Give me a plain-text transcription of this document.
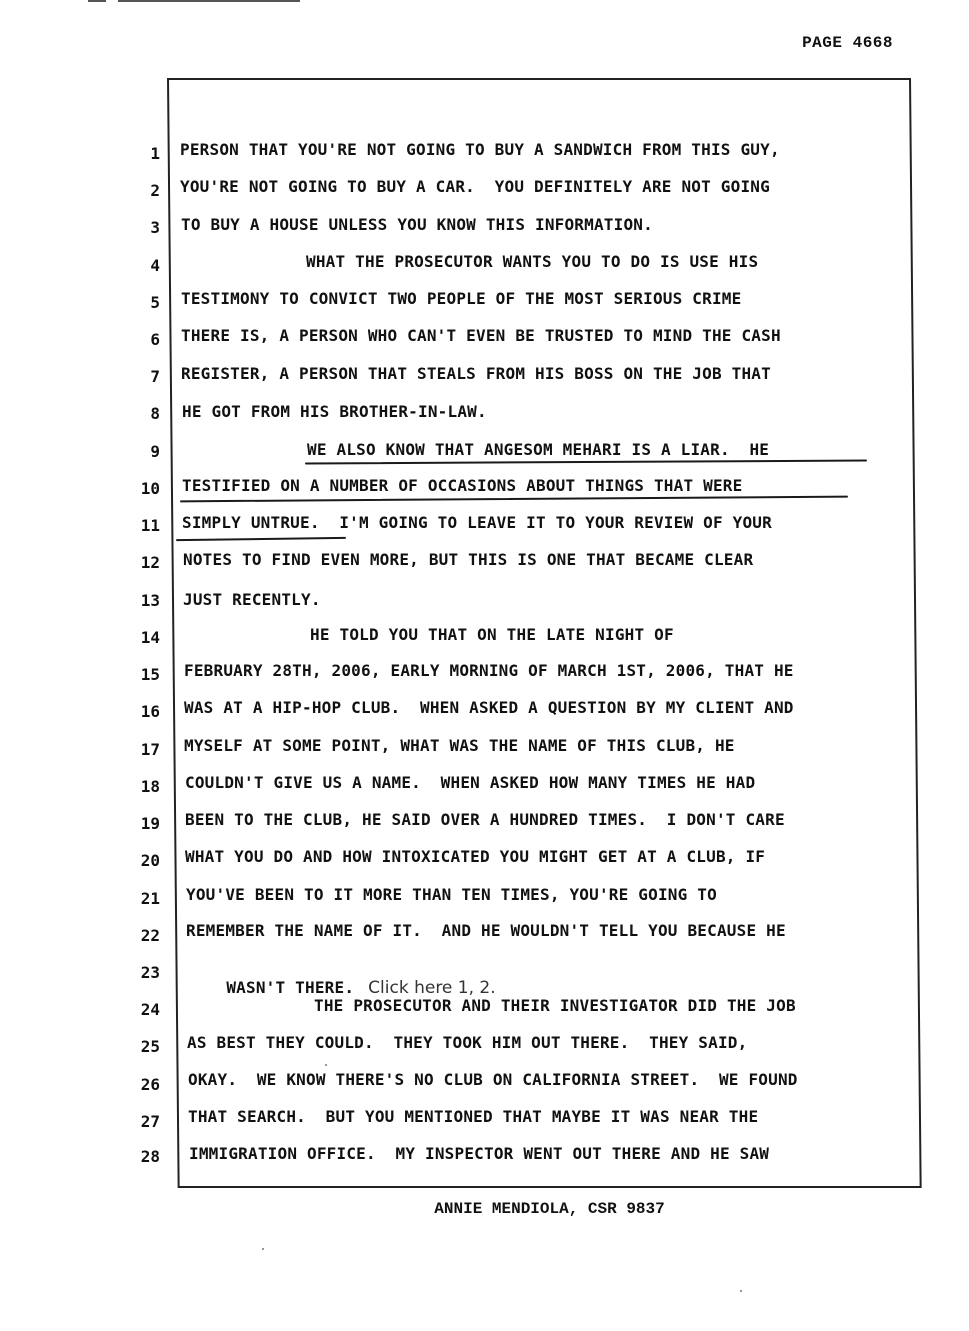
PAGE 4668
1
2
3
4
5
6
7
8
9
10
11
12
13
14
15
16
17
18
19
20
21
22
23
24
25
26
27
28
PERSON THAT YOU'RE NOT GOING TO BUY A SANDWICH FROM THIS GUY,
YOU'RE NOT GOING TO BUY A CAR.  YOU DEFINITELY ARE NOT GOING
TO BUY A HOUSE UNLESS YOU KNOW THIS INFORMATION.
WHAT THE PROSECUTOR WANTS YOU TO DO IS USE HIS
TESTIMONY TO CONVICT TWO PEOPLE OF THE MOST SERIOUS CRIME
THERE IS, A PERSON WHO CAN'T EVEN BE TRUSTED TO MIND THE CASH
REGISTER, A PERSON THAT STEALS FROM HIS BOSS ON THE JOB THAT
HE GOT FROM HIS BROTHER-IN-LAW.
WE ALSO KNOW THAT ANGESOM MEHARI IS A LIAR.  HE
TESTIFIED ON A NUMBER OF OCCASIONS ABOUT THINGS THAT WERE
SIMPLY UNTRUE.  I'M GOING TO LEAVE IT TO YOUR REVIEW OF YOUR
NOTES TO FIND EVEN MORE, BUT THIS IS ONE THAT BECAME CLEAR
JUST RECENTLY.
HE TOLD YOU THAT ON THE LATE NIGHT OF
FEBRUARY 28TH, 2006, EARLY MORNING OF MARCH 1ST, 2006, THAT HE
WAS AT A HIP-HOP CLUB.  WHEN ASKED A QUESTION BY MY CLIENT AND
MYSELF AT SOME POINT, WHAT WAS THE NAME OF THIS CLUB, HE
COULDN'T GIVE US A NAME.  WHEN ASKED HOW MANY TIMES HE HAD
BEEN TO THE CLUB, HE SAID OVER A HUNDRED TIMES.  I DON'T CARE
WHAT YOU DO AND HOW INTOXICATED YOU MIGHT GET AT A CLUB, IF
YOU'VE BEEN TO IT MORE THAN TEN TIMES, YOU'RE GOING TO
REMEMBER THE NAME OF IT.  AND HE WOULDN'T TELL YOU BECAUSE HE

WASN'T THERE. Click here 1, 2.

THE PROSECUTOR AND THEIR INVESTIGATOR DID THE JOB
AS BEST THEY COULD.  THEY TOOK HIM OUT THERE.  THEY SAID,
OKAY.  WE KNOW THERE'S NO CLUB ON CALIFORNIA STREET.  WE FOUND
THAT SEARCH.  BUT YOU MENTIONED THAT MAYBE IT WAS NEAR THE
IMMIGRATION OFFICE.  MY INSPECTOR WENT OUT THERE AND HE SAW
ANNIE MENDIOLA, CSR 9837
